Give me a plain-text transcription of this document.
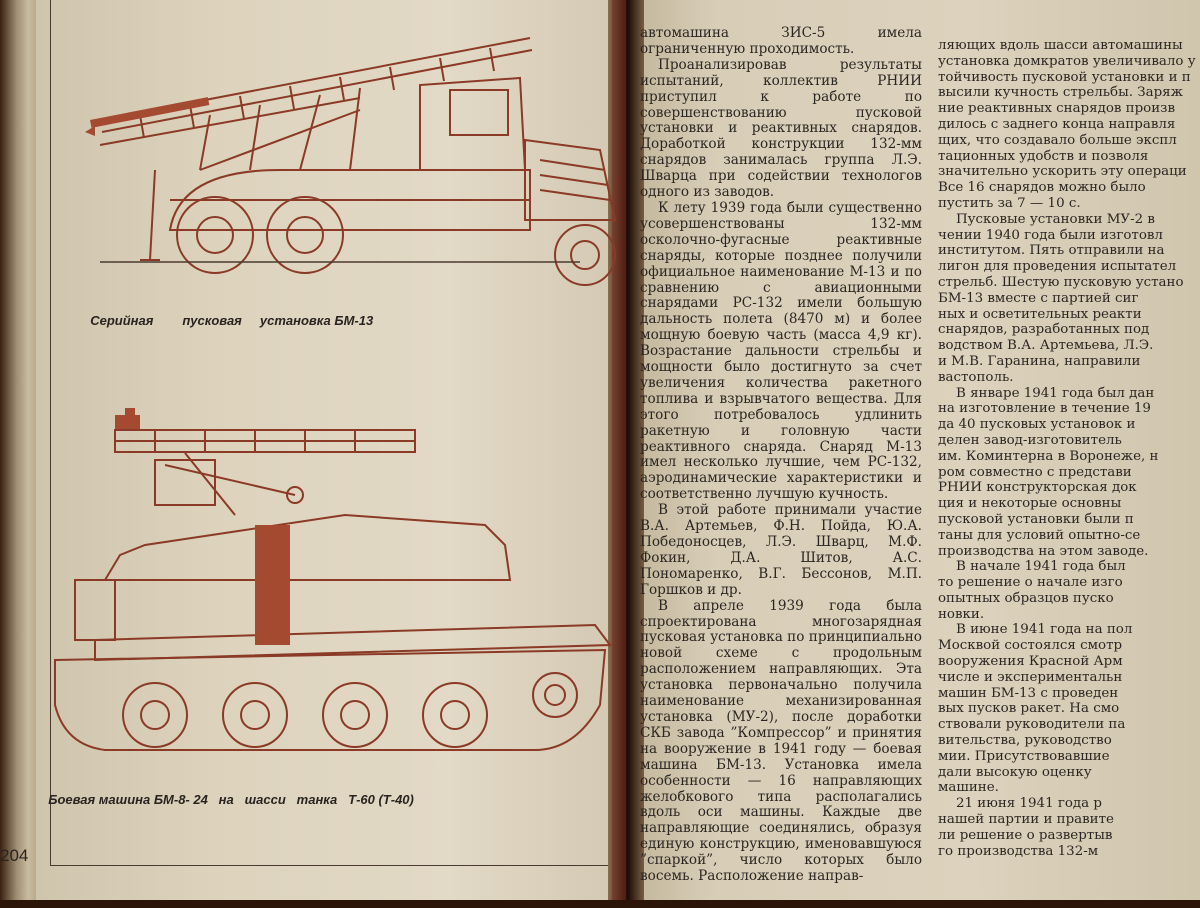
Серийная пусковая установка БМ-13

Боевая машина БМ-8- 24 на шасси танка Т-60 (Т-40)

204

автомашина ЗИС-5 имела ограниченную проходимость.

Проанализировав результаты испытаний, коллектив РНИИ приступил к работе по совершенствованию пусковой установки и реактивных снарядов. Доработкой конструкции 132-мм снарядов занималась группа Л.Э. Шварца при содействии технологов одного из заводов.

К лету 1939 года были существенно усовершенствованы 132-мм осколочно-фугасные реактивные снаряды, которые позднее получили официальное наименование М-13 и по сравнению с авиационными снарядами РС-132 имели большую дальность полета (8470 м) и более мощную боевую часть (масса 4,9 кг). Возрастание дальности стрельбы и мощности было достигнуто за счет увеличения количества ракетного топлива и взрывчатого вещества. Для этого потребовалось удлинить ракетную и головную части реактивного снаряда. Снаряд М-13 имел несколько лучшие, чем РС-132, аэродинамические характеристики и соответственно лучшую кучность.

В этой работе принимали участие В.А. Артемьев, Ф.Н. Пойда, Ю.А. Победоносцев, Л.Э. Шварц, М.Ф. Фокин, Д.А. Шитов, А.С. Пономаренко, В.Г. Бессонов, М.П. Горшков и др.

В апреле 1939 года была спроектирована многозарядная пусковая установка по принципиально новой схеме с продольным расположением направляющих. Эта установка первоначально получила наименование механизированная установка (МУ-2), после доработки СКБ завода ”Компрессор” и принятия на вооружение в 1941 году — боевая машина БМ-13. Установка имела особенности — 16 направляющих желобкового типа располагались вдоль оси машины. Каждые две направляющие соединялись, образуя единую конструкцию, именовавшуюся ”спаркой”, число которых было восемь. Расположение направ-

ляющих вдоль шасси автомашины
установка домкратов увеличивало у
тойчивость пусковой установки и п
высили кучность стрельбы. Заряж
ние реактивных снарядов произв
дилось с заднего конца направля
щих, что создавало больше экспл
тационных удобств и позволя
значительно ускорить эту операци
Все 16 снарядов можно было
пустить за 7 — 10 с.
Пусковые установки МУ-2 в
чении 1940 года были изготовл
институтом. Пять отправили на
лигон для проведения испытател
стрельб. Шестую пусковую устано
БМ-13 вместе с партией сиг
ных и осветительных реакти
снарядов, разработанных под
водством В.А. Артемьева, Л.Э.
и М.В. Гаранина, направили
вастополь.
В январе 1941 года был дан
на изготовление в течение 19
да 40 пусковых установок и
делен завод-изготовитель
им. Коминтерна в Воронеже, н
ром совместно с представи
РНИИ конструкторская док
ция и некоторые основны
пусковой установки были п
таны для условий опытно-се
производства на этом заводе.
В начале 1941 года был
то решение о начале изго
опытных образцов пуско
новки.
В июне 1941 года на пол
Москвой состоялся смотр
вооружения Красной Арм
числе и экспериментальн
машин БМ-13 с проведен
вых пусков ракет. На смо
ствовали руководители па
вительства, руководство
мии. Присутствовавшие
дали высокую оценку
машине.
21 июня 1941 года р
нашей партии и правите
ли решение о развертыв
го производства 132-м
